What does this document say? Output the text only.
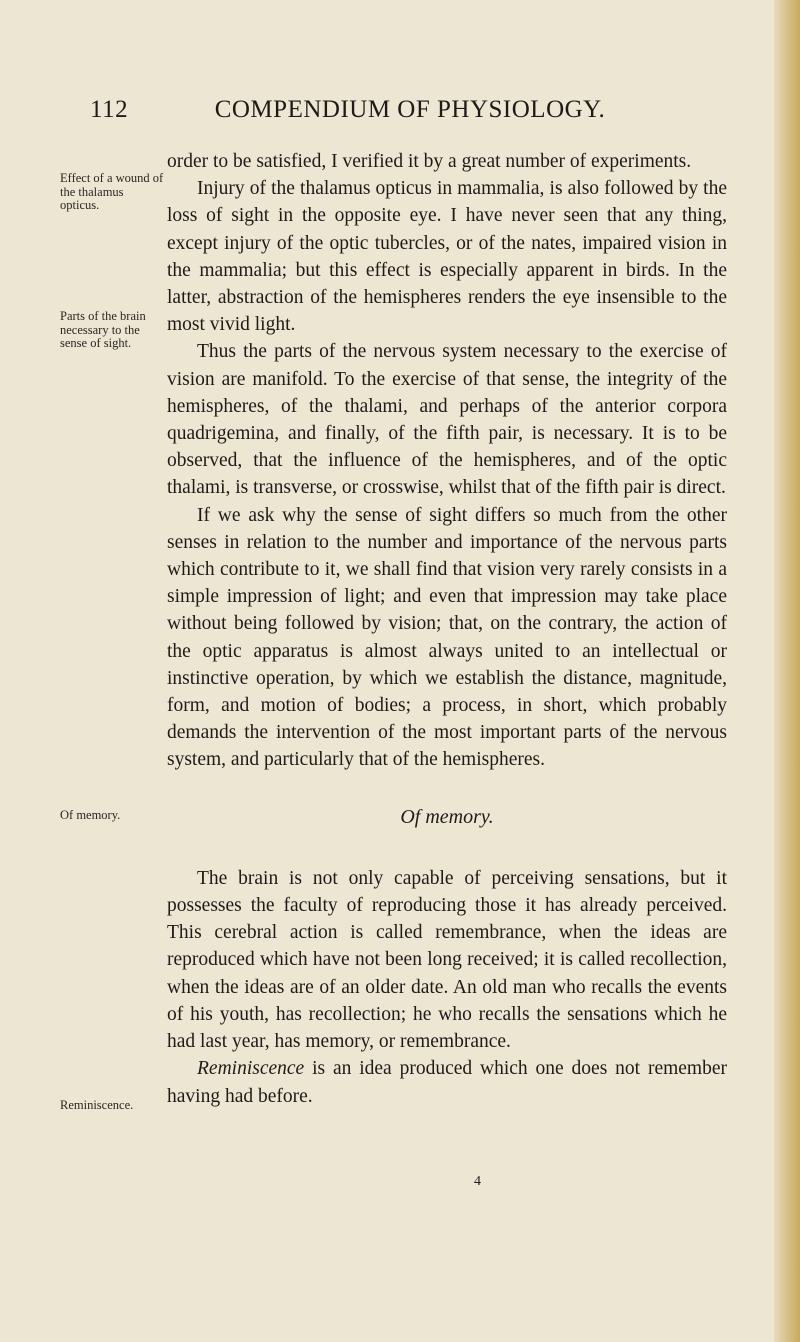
COMPENDIUM OF PHYSIOLOGY.
112
Effect of a wound of the thalamus opticus.
Parts of the brain necessary to the sense of sight.
Of memory.
Reminiscence.

order to be satisfied, I verified it by a great number of experiments.

Injury of the thalamus opticus in mammalia, is also followed by the loss of sight in the opposite eye. I have never seen that any thing, except injury of the optic tubercles, or of the nates, impaired vision in the mammalia; but this effect is especially apparent in birds. In the latter, abstraction of the hemispheres renders the eye insensible to the most vivid light.

Thus the parts of the nervous system necessary to the exercise of vision are manifold. To the exercise of that sense, the integrity of the hemispheres, of the thalami, and perhaps of the anterior corpora quadrigemina, and finally, of the fifth pair, is necessary. It is to be observed, that the influence of the hemispheres, and of the optic thalami, is transverse, or crosswise, whilst that of the fifth pair is direct.

If we ask why the sense of sight differs so much from the other senses in relation to the number and importance of the nervous parts which contribute to it, we shall find that vision very rarely consists in a simple impression of light; and even that impression may take place without being followed by vision; that, on the contrary, the action of the optic apparatus is almost always united to an intellectual or instinctive operation, by which we establish the distance, magnitude, form, and motion of bodies; a process, in short, which probably demands the intervention of the most important parts of the nervous system, and particularly that of the hemispheres.

Of memory.

The brain is not only capable of perceiving sensations, but it possesses the faculty of reproducing those it has already perceived. This cerebral action is called remembrance, when the ideas are reproduced which have not been long received; it is called recollection, when the ideas are of an older date. An old man who recalls the events of his youth, has recollection; he who recalls the sensations which he had last year, has memory, or remembrance.

Reminiscence is an idea produced which one does not remember having had before.

4
